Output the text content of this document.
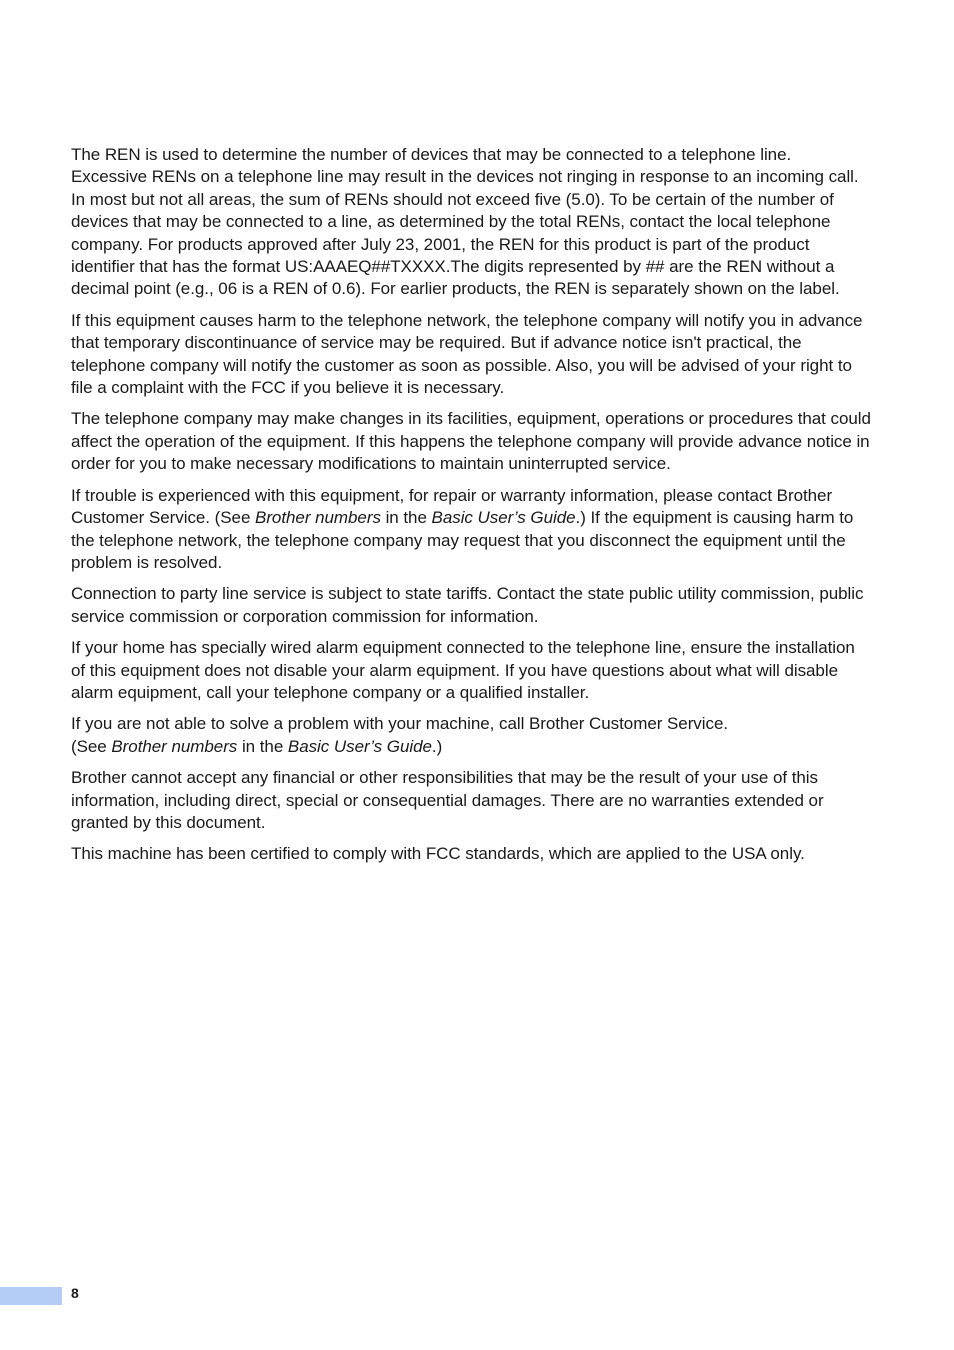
The REN is used to determine the number of devices that may be connected to a telephone line. Excessive RENs on a telephone line may result in the devices not ringing in response to an incoming call. In most but not all areas, the sum of RENs should not exceed five (5.0). To be certain of the number of devices that may be connected to a line, as determined by the total RENs, contact the local telephone company. For products approved after July 23, 2001, the REN for this product is part of the product identifier that has the format US:AAAEQ##TXXXX.The digits represented by ## are the REN without a decimal point (e.g., 06 is a REN of 0.6). For earlier products, the REN is separately shown on the label.

If this equipment causes harm to the telephone network, the telephone company will notify you in advance that temporary discontinuance of service may be required. But if advance notice isn't practical, the telephone company will notify the customer as soon as possible. Also, you will be advised of your right to file a complaint with the FCC if you believe it is necessary.

The telephone company may make changes in its facilities, equipment, operations or procedures that could affect the operation of the equipment. If this happens the telephone company will provide advance notice in order for you to make necessary modifications to maintain uninterrupted service.

If trouble is experienced with this equipment, for repair or warranty information, please contact Brother Customer Service. (See Brother numbers in the Basic User’s Guide.) If the equipment is causing harm to the telephone network, the telephone company may request that you disconnect the equipment until the problem is resolved.

Connection to party line service is subject to state tariffs. Contact the state public utility commission, public service commission or corporation commission for information.

If your home has specially wired alarm equipment connected to the telephone line, ensure the installation of this equipment does not disable your alarm equipment. If you have questions about what will disable alarm equipment, call your telephone company or a qualified installer.

If you are not able to solve a problem with your machine, call Brother Customer Service.
(See Brother numbers in the Basic User’s Guide.)

Brother cannot accept any financial or other responsibilities that may be the result of your use of this information, including direct, special or consequential damages. There are no warranties extended or granted by this document.

This machine has been certified to comply with FCC standards, which are applied to the USA only.

8
